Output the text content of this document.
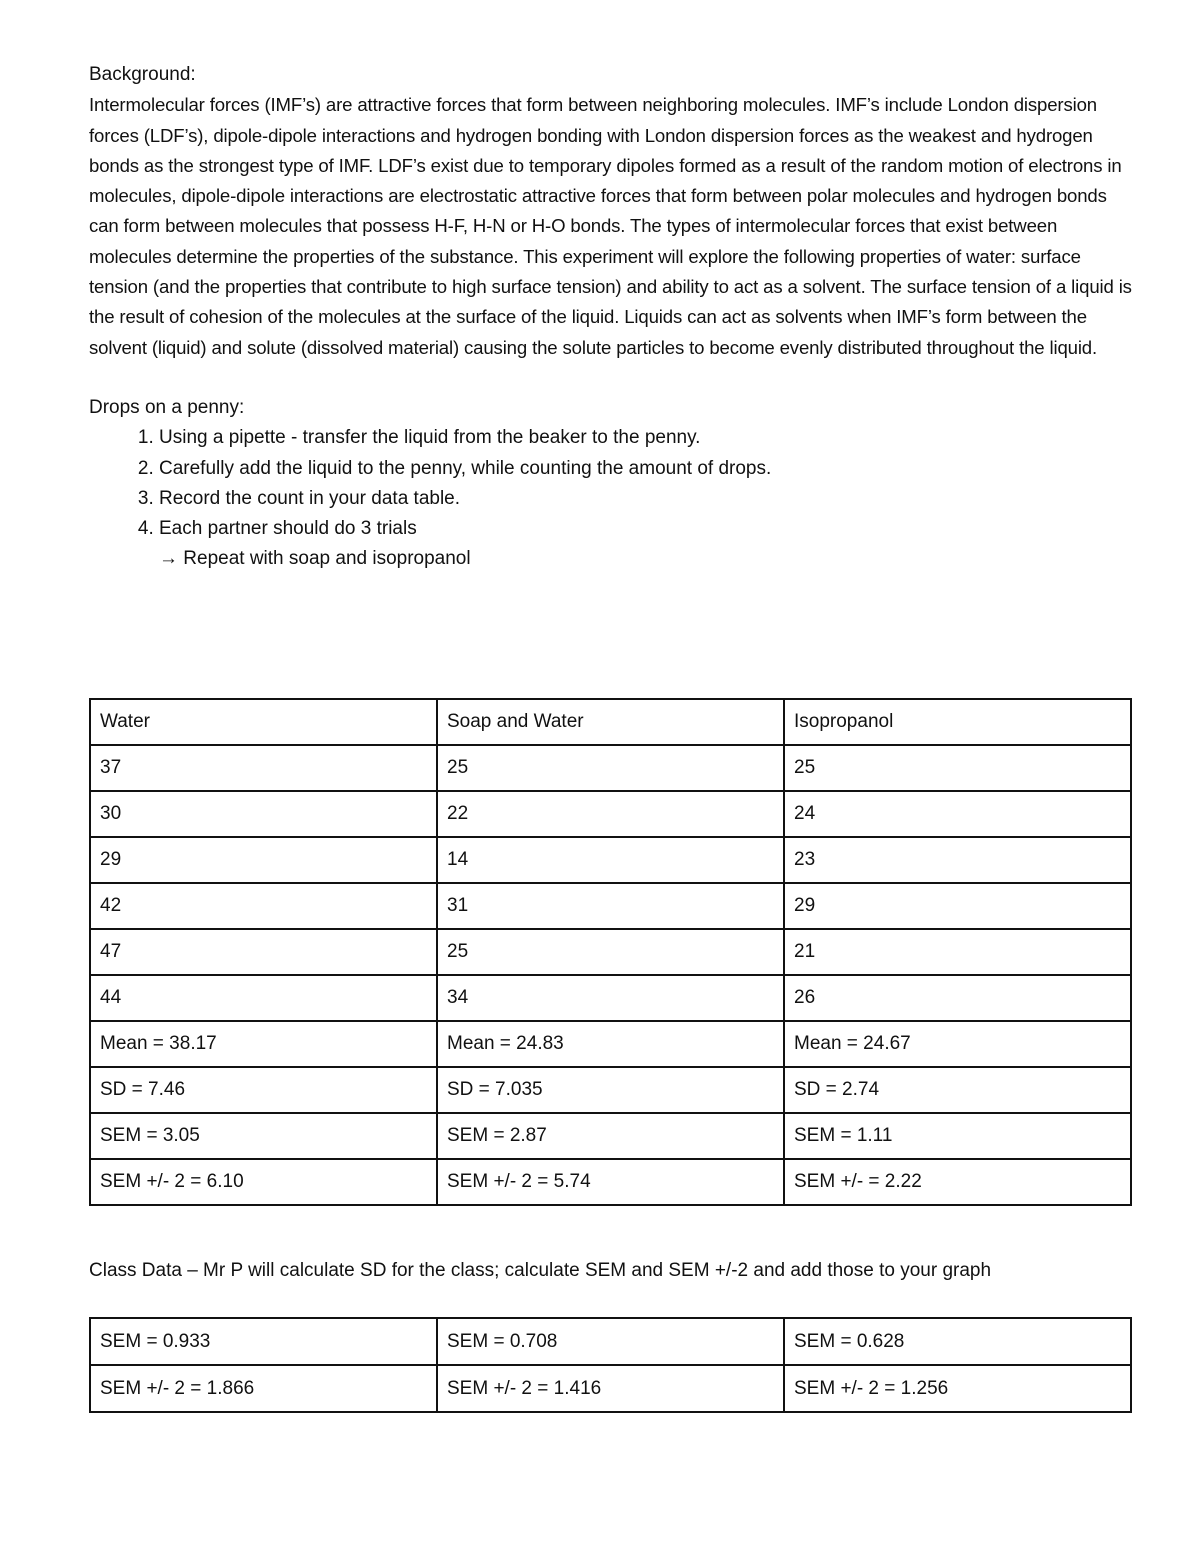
Background:

Intermolecular forces (IMF’s) are attractive forces that form between neighboring molecules. IMF’s include London dispersion forces (LDF’s), dipole-dipole interactions and hydrogen bonding with London dispersion forces as the weakest and hydrogen bonds as the strongest type of IMF. LDF’s exist due to temporary dipoles formed as a result of the random motion of electrons in molecules, dipole-dipole interactions are electrostatic attractive forces that form between polar molecules and hydrogen bonds can form between molecules that possess H-F, H-N or H-O bonds. The types of intermolecular forces that exist between molecules determine the properties of the substance. This experiment will explore the following properties of water: surface tension (and the properties that contribute to high surface tension) and ability to act as a solvent. The surface tension of a liquid is the result of cohesion of the molecules at the surface of the liquid. Liquids can act as solvents when IMF’s form between the solvent (liquid) and solute (dissolved material) causing the solute particles to become evenly distributed throughout the liquid.

Drops on a penny:

1. Using a pipette - transfer the liquid from the beaker to the penny.
2. Carefully add the liquid to the penny, while counting the amount of drops.
3. Record the count in your data table.
4. Each partner should do 3 trials
→ Repeat with soap and isopropanol
Water	Soap and Water	Isopropanol
37	25	25
30	22	24
29	14	23
42	31	29
47	25	21
44	34	26
Mean = 38.17	Mean = 24.83	Mean = 24.67
SD = 7.46	SD = 7.035	SD = 2.74
SEM = 3.05	SEM = 2.87	SEM = 1.11
SEM +/- 2 = 6.10	SEM +/- 2 = 5.74	SEM +/- = 2.22
Class Data – Mr P will calculate SD for the class; calculate SEM and SEM +/-2 and add those to your graph
SEM = 0.933	SEM = 0.708	SEM = 0.628
SEM +/- 2 = 1.866	SEM +/- 2 = 1.416	SEM +/- 2 = 1.256
